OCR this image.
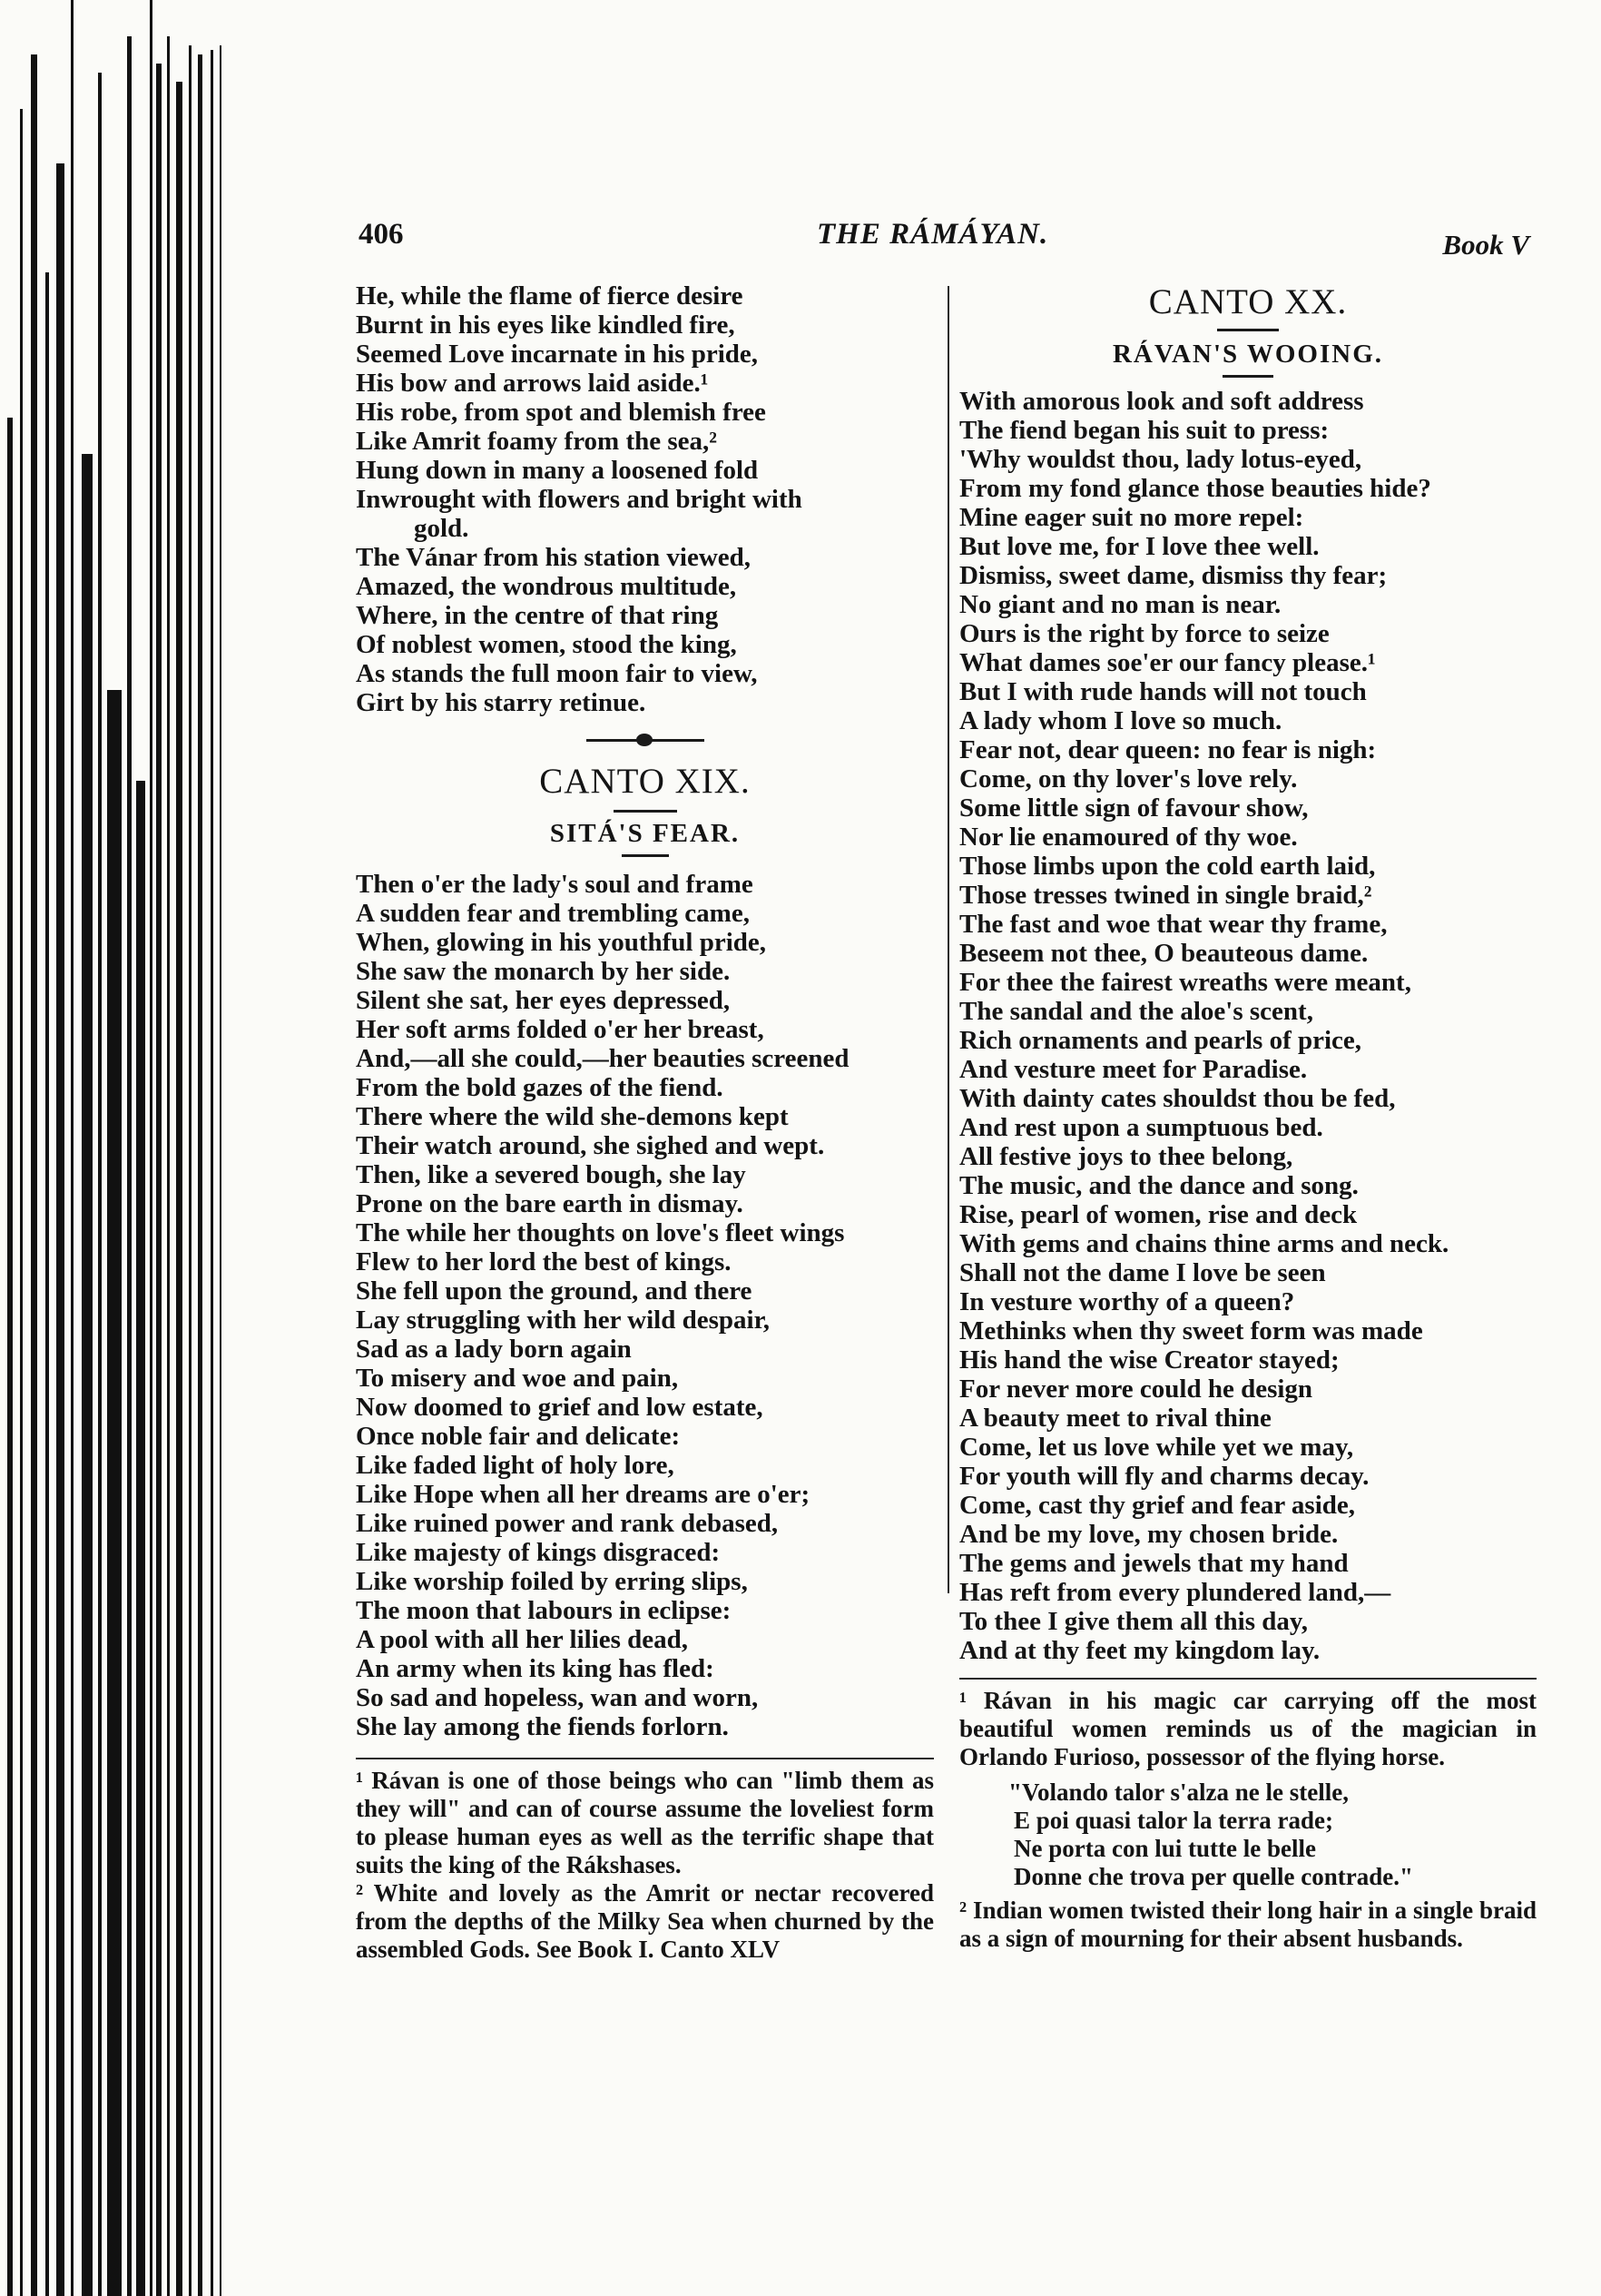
406	THE RÁMÁYAN.	Book V
He, while the flame of fierce desire
Burnt in his eyes like kindled fire,
Seemed Love incarnate in his pride,
His bow and arrows laid aside.¹
His robe, from spot and blemish free
Like Amrit foamy from the sea,²
Hung down in many a loosened fold
Inwrought with flowers and bright with
gold.
The Vánar from his station viewed,
Amazed, the wondrous multitude,
Where, in the centre of that ring
Of noblest women, stood the king,
As stands the full moon fair to view,
Girt by his starry retinue.
CANTO XIX.
SITÁ'S FEAR.
Then o'er the lady's soul and frame
A sudden fear and trembling came,
When, glowing in his youthful pride,
She saw the monarch by her side.
Silent she sat, her eyes depressed,
Her soft arms folded o'er her breast,
And,—all she could,—her beauties screened
From the bold gazes of the fiend.
There where the wild she-demons kept
Their watch around, she sighed and wept.
Then, like a severed bough, she lay
Prone on the bare earth in dismay.
The while her thoughts on love's fleet wings
Flew to her lord the best of kings.
She fell upon the ground, and there
Lay struggling with her wild despair,
Sad as a lady born again
To misery and woe and pain,
Now doomed to grief and low estate,
Once noble fair and delicate:
Like faded light of holy lore,
Like Hope when all her dreams are o'er;
Like ruined power and rank debased,
Like majesty of kings disgraced:
Like worship foiled by erring slips,
The moon that labours in eclipse:
A pool with all her lilies dead,
An army when its king has fled:
So sad and hopeless, wan and worn,
She lay among the fiends forlorn.

¹ Rávan is one of those beings who can "limb them as they will" and can of course assume the loveliest form to please human eyes as well as the terrific shape that suits the king of the Rákshases.

² White and lovely as the Amrit or nectar recovered from the depths of the Milky Sea when churned by the assembled Gods. See Book I. Canto XLV

CANTO XX.
RÁVAN'S WOOING.
With amorous look and soft address
The fiend began his suit to press:
'Why wouldst thou, lady lotus-eyed,
From my fond glance those beauties hide?
Mine eager suit no more repel:
But love me, for I love thee well.
Dismiss, sweet dame, dismiss thy fear;
No giant and no man is near.
Ours is the right by force to seize
What dames soe'er our fancy please.¹
But I with rude hands will not touch
A lady whom I love so much.
Fear not, dear queen: no fear is nigh:
Come, on thy lover's love rely.
Some little sign of favour show,
Nor lie enamoured of thy woe.
Those limbs upon the cold earth laid,
Those tresses twined in single braid,²
The fast and woe that wear thy frame,
Beseem not thee, O beauteous dame.
For thee the fairest wreaths were meant,
The sandal and the aloe's scent,
Rich ornaments and pearls of price,
And vesture meet for Paradise.
With dainty cates shouldst thou be fed,
And rest upon a sumptuous bed.
All festive joys to thee belong,
The music, and the dance and song.
Rise, pearl of women, rise and deck
With gems and chains thine arms and neck.
Shall not the dame I love be seen
In vesture worthy of a queen?
Methinks when thy sweet form was made
His hand the wise Creator stayed;
For never more could he design
A beauty meet to rival thine
Come, let us love while yet we may,
For youth will fly and charms decay.
Come, cast thy grief and fear aside,
And be my love, my chosen bride.
The gems and jewels that my hand
Has reft from every plundered land,—
To thee I give them all this day,
And at thy feet my kingdom lay.

¹ Rávan in his magic car carrying off the most beautiful women reminds us of the magician in Orlando Furioso, possessor of the flying horse.

"Volando talor s'alza ne le stelle,
E poi quasi talor la terra rade;
Ne porta con lui tutte le belle
Donne che trova per quelle contrade."

² Indian women twisted their long hair in a single braid as a sign of mourning for their absent husbands.
